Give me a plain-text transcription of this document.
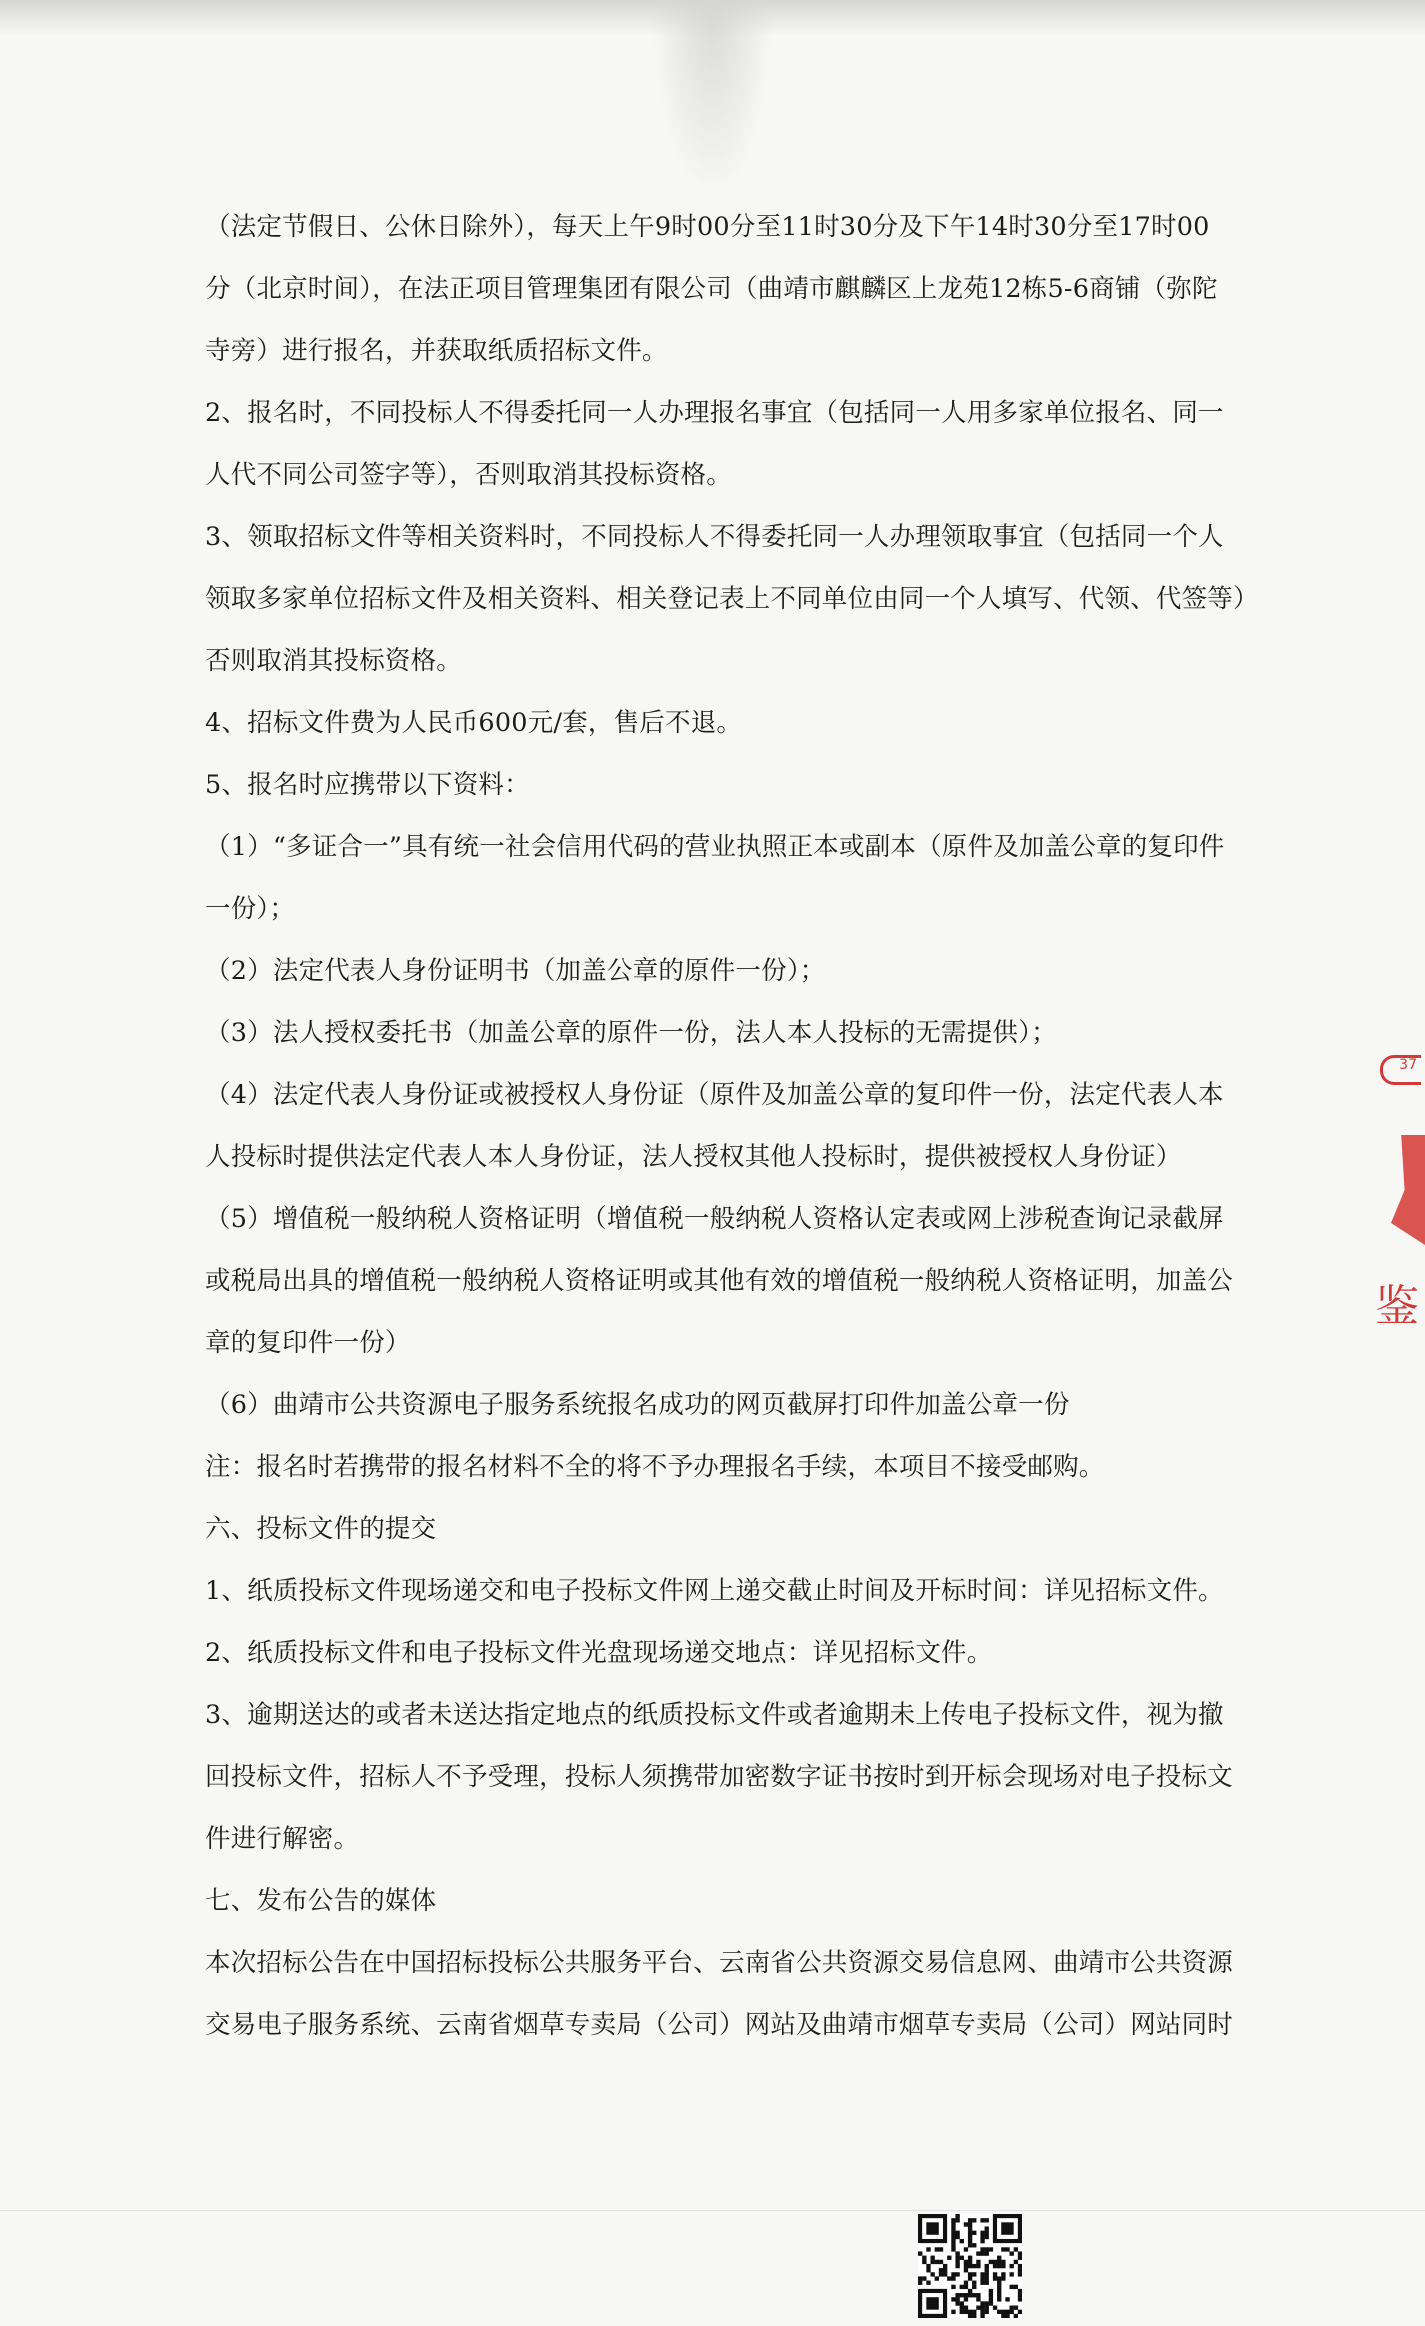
（法定节假日、公休日除外），每天上午9时00分至11时30分及下午14时30分至17时00
分（北京时间），在法正项目管理集团有限公司（曲靖市麒麟区上龙苑12栋5-6商铺（弥陀
寺旁）进行报名，并获取纸质招标文件。
2、报名时，不同投标人不得委托同一人办理报名事宜（包括同一人用多家单位报名、同一
人代不同公司签字等），否则取消其投标资格。
3、领取招标文件等相关资料时，不同投标人不得委托同一人办理领取事宜（包括同一个人
领取多家单位招标文件及相关资料、相关登记表上不同单位由同一个人填写、代领、代签等）
否则取消其投标资格。
4、招标文件费为人民币600元/套，售后不退。
5、报名时应携带以下资料：
（1）“多证合一”具有统一社会信用代码的营业执照正本或副本（原件及加盖公章的复印件
一份）；
（2）法定代表人身份证明书（加盖公章的原件一份）；
（3）法人授权委托书（加盖公章的原件一份，法人本人投标的无需提供）；
（4）法定代表人身份证或被授权人身份证（原件及加盖公章的复印件一份，法定代表人本
人投标时提供法定代表人本人身份证，法人授权其他人投标时，提供被授权人身份证）
（5）增值税一般纳税人资格证明（增值税一般纳税人资格认定表或网上涉税查询记录截屏
或税局出具的增值税一般纳税人资格证明或其他有效的增值税一般纳税人资格证明，加盖公
章的复印件一份）
（6）曲靖市公共资源电子服务系统报名成功的网页截屏打印件加盖公章一份
注：报名时若携带的报名材料不全的将不予办理报名手续，本项目不接受邮购。
六、投标文件的提交
1、纸质投标文件现场递交和电子投标文件网上递交截止时间及开标时间：详见招标文件。
2、纸质投标文件和电子投标文件光盘现场递交地点：详见招标文件。
3、逾期送达的或者未送达指定地点的纸质投标文件或者逾期未上传电子投标文件，视为撤
回投标文件，招标人不予受理，投标人须携带加密数字证书按时到开标会现场对电子投标文
件进行解密。
七、发布公告的媒体
本次招标公告在中国招标投标公共服务平台、云南省公共资源交易信息网、曲靖市公共资源
交易电子服务系统、云南省烟草专卖局（公司）网站及曲靖市烟草专卖局（公司）网站同时
37
鉴
